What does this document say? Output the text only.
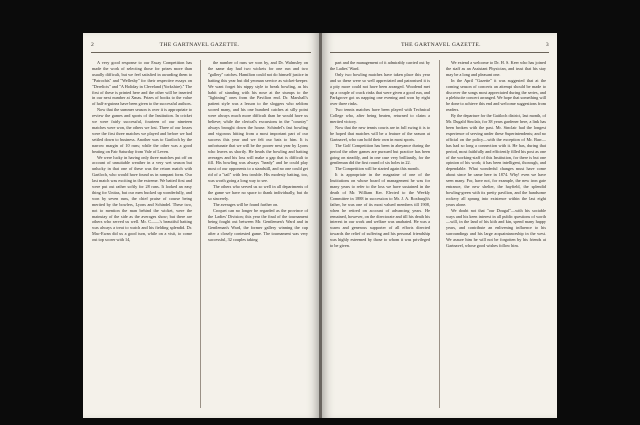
2	THE GARTNAVEL GAZETTE.

A very good response to our Essay Competition has made the work of selecting those for prizes more than usually difficult, but we feel satisfied in awarding them to "Patrochis" and "Wellesby" for their respective essays on "Derelicts" and "A Holiday in Cleveland (Yorkshire)." The first of these is printed here and the other will be inserted in our next number at Xmas. Prizes of books to the value of half-a-guinea have been given to the successful authors.

Now that the summer season is over it is appropriate to review the games and sports of the Institution. In cricket we were fairly successful, fourteen of our nineteen matches were won, the others we lost. Three of our losses were the first three matches we played and before we had settled down to business. Another was to Gartloch by the narrow margin of 10 runs; while the other was a good beating on Fair Saturday from Vale of Leven.

We were lucky in having only three matches put off on account of unsuitable weather in a very wet season but unlucky in that one of these was the return match with Gartloch, who would have found us in rampant form. Our last match was exciting in the extreme. We batted first and were put out rather softly for 28 runs. It looked an easy thing for Unitas, but our men bucked up wonderfully, and won by seven runs, the chief praise of course being merited by the bowlers, Lyons and Schindel. These two, not to mention the man behind the wicket, were the mainstay of the side as the averages show; but there are others who served us well. Mr. C——'s beautiful batting was always a treat to watch and his fielding splendid. Dr. Mac-Ewan did us a good turn, while on a visit, to come out top scorer with 14,

the number of runs we won by, and Dr. Walmsley on the same day had two wickets for one run and two "gallery" catches. Hamilton could not do himself justice in batting this year but did yeoman service as wicket-keeper. We want forget his nippy style to break bowling, as his habit of standing with his nose at the stumps to the "lightning" ones from the Pavilion end. Dr. Marshall's patient style was a lesson to the sloggers who seldom scored many, and his one hundred catches at silly point were always much more difficult than he would have us believe; while the clerical's excursions in the "country" always brought down the house. Schindel's fast bowling and vigorous hitting from a most important part of our success this year and we felt our bats to him. It is unfortunate that we will be the poorer next year by Lyons who leaves us shortly. He heads the bowling and batting averages and his loss will make a gap that is difficult to fill. His bowling was always "heady" and he could play most of our opponents to a standstill, and no one could get rid of a "tail" with less trouble. His modesty batting, too, was worth going a long way to see.

The others who served us so well in all departments of the game we have no space to thank individually, but do so sincerely.

The averages will be found further on.

Croquet can no longer be regarded as the province of the Ladies' Division; this year the final of the tournament being fought out between Mr. Gentlemen's Ward and in Gentleman's Ward, the former gallery winning the cup after a closely contested game. The tournament was very successful, 32 couples taking

THE GARTNAVEL GAZETTE.	3

part and the management of it admirably carried out by the Ladies' Ward.

Only two bowling matches have taken place this year and so these were so well appreciated and patronised it is a pity more could not have been arranged. Woodend met up a couple of crack rinks that were given a good run, and Parkgrove got us napping one evening and won by eight over three rinks.

Two tennis matches have been played with Technical College who, after being beaten, returned to claim a merited victory.

Now that the new tennis courts are in full swing it is to be hoped that matches will be a feature of the season at Gartnavel, who can hold their own in most sports.

The Golf Competition has been in abeyance during the period the other games are pursued but practice has been going on steadily, and in one case very brilliantly, for the gentleman did the first round of six holes in 22.

The Competition will be started again this month.

It is appropriate in the magazine of one of the Institutions on whose board of management he was for many years to refer to the loss we have sustained in the death of Mr. William Ker. Elected to the Weekly Committee in 1888 in succession to Mr. J. A. Roxburgh's father, he was one of its most valued members till 1908, when he retired on account of advancing years. He remained, however, on the directorate and till his death his interest in our work and welfare was unabated. He was a warm and generous supporter of all efforts directed towards the relief of suffering and his personal friendship was highly esteemed by those to whom it was privileged to be given.

We extend a welcome to Dr. H. S. Keer who has joined the staff as an Assistant Physician, and trust that his stay may be a long and pleasant one.

In the April "Gazette" it was suggested that at the coming season of concerts an attempt should be made to discover the songs most appreciated during the series, and a plebiscite concert arranged. We hope that something will be done to achieve this end and welcome suggestions from readers.

By the departure for the Gaitloch district, last month, of Mr. Dugald Sinclair, for 38 years gardener here, a link has been broken with the past. Mr. Sinclair had the longest experience of serving under these Superintendents; and no official on the policy—with the exception of Mr. Barr—has had so long a connection with it. He has, during that period, most faithfully and efficiently filled his post as one of the working-staff of this Institution, for there is but one opinion of his work; it has been intelligent, thorough, and dependable. What wonderful changes must have come about since he came here in 1874. Why! even we have seen many. For, have not, for example, the new iron gate entrance, the new shelter, the hayfield, the splendid bowling-green with its pretty pavilion, and the handsome rockery all sprung into existence within the last eight years alone.

We doubt not that "our Dougal"—with his sociable ways and his keen interest in all public questions of worth—will, in the land of his kith and kin, spend many happy years, and contribute an enlivening influence to his surroundings and his large acquaintanceship in the west. We assure him he will not be forgotten by his friends at Gartnavel, whose good wishes follow him.
